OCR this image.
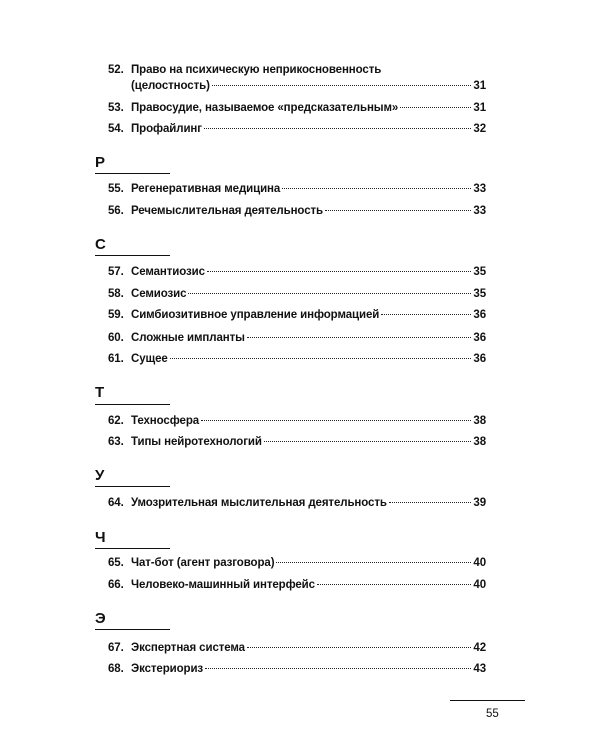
52. Право на психическую неприкосновенность
(целостность)	31
53. Правосудие, называемое «предсказательным»	31
54. Профайлинг	32
Р
55. Регенеративная медицина	33
56. Речемыслительная деятельность	33
С
57. Семантиозис	35
58. Семиозис	35
59. Симбиозитивное управление информацией	36
60. Сложные импланты	36
61. Сущее	36
Т
62. Техносфера	38
63. Типы нейротехнологий	38
У
64. Умозрительная мыслительная деятельность	39
Ч
65. Чат-бот (агент разговора)	40
66. Человеко-машинный интерфейс	40
Э
67. Экспертная система	42
68. Экстериориз	43
55
